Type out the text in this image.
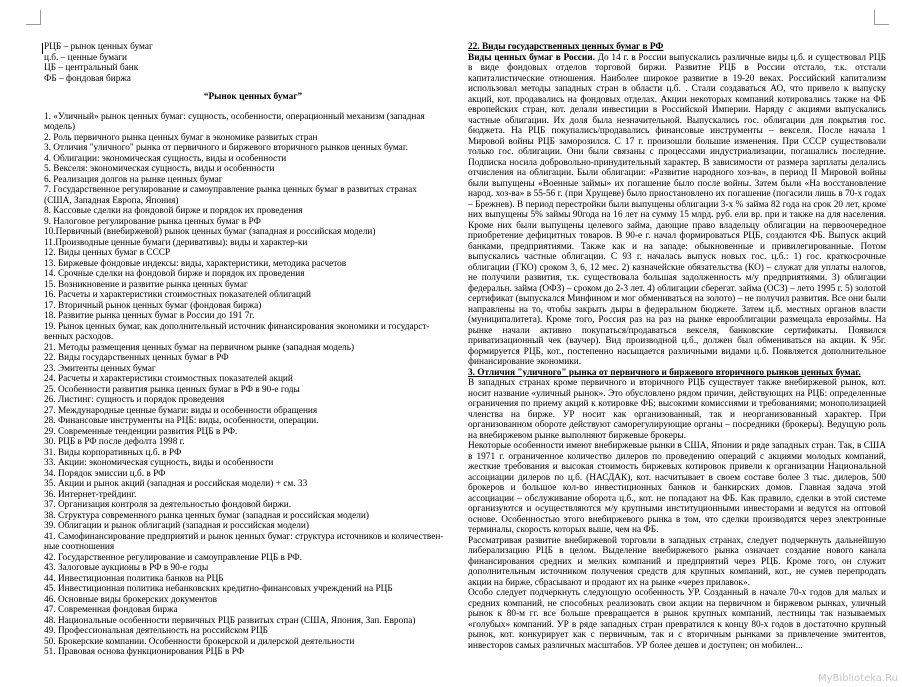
РЦБ – рынок ценных бумаг
ц.б. – ценные бумаги
ЦБ – центральный банк
ФБ – фондовая биржа
“Рынок ценных бумаг”
1. «Уличный» рынок ценных бумаг: сущность, особенности, операционный механизм (западная
модель)
2. Роль первичного рынка ценных бумаг в экономике развитых стран
3. Отличия "уличного" рынка от первичного и биржевого вторичного рынков ценных бумаг.
4. Облигации: экономическая сущность, виды и особенности
5. Векселя: экономическая сущность, виды и особенности
6. Реализация долгов на рынке ценных бумаг
7. Государственное регулирование и самоуправление рынка ценных бумаг в развитых странах
(США, Западная Европа, Япония)
8. Кассовые сделки на фондовой бирже и порядок их проведения
9. Налоговое регулирование рынка ценных бумаг в РФ
10.Первичный (внебиржевой) рынок ценных бумаг (западная и российская модели)
11.Производные ценные бумаги (деривативы): виды и характер-ки
12. Виды ценных бумаг в СССР
13. Биржевые фондовые индексы: виды, характеристики, методика расчетов
14. Срочные сделки на фондовой бирже и порядок их проведения
15. Возникновение и развитие рынка ценных бумаг
16. Расчеты и характеристики стоимостных показателей облигаций
17. Вторичный рынок ценных бумаг (фондовая биржа)
18. Развитие рынка ценных бумаг в России до 191 7г.
19. Рынок ценных бумаг, как дополнительный источник финансирования экономики и государст-
венных расходов.
21. Методы размещения ценных бумаг на первичном рынке (западная модель)
22. Виды государственных ценных бумаг в РФ
23. Эмитенты ценных бумаг
24. Расчеты и характеристики стоимостных показателей акций
25. Особенности развития рынка ценных бумаг в РФ в 90-е годы
26. Листинг: сущность и порядок проведения
27. Международные ценные бумаги: виды и особенности обращения
28. Финансовые инструменты на РЦБ: виды, особенности, операции.
29. Современные тенденции развития РЦБ в РФ.
30. РЦБ в РФ после дефолта 1998 г.
31. Виды корпоративных ц.б. в РФ
33. Акции: экономическая сущность, виды и особенности
34. Порядок эмиссии ц.б. в РФ
35. Акции и рынок акций (западная и российская модели) + см. 33
36. Интернет-трейдинг.
37. Организация контроля за деятельностью фондовой биржи.
38. Структура современного рынка ценных бумаг (западная и российская модели)
39. Облигации и рынок облигаций (западная и российская модели)
41. Самофинансирование предприятий и рынок ценных бумаг: структура источников и количествен-
ные соотношения
42. Государственное регулирование и самоуправление РЦБ в РФ.
43. Залоговые аукционы в РФ в 90-е годы
44. Инвестиционная политика банков на РЦБ
45. Инвестиционная политика небанковских кредитно-финансовых учреждений на РЦБ
46. Основные виды брокерских документов
47. Современная фондовая биржа
48. Национальные особенности первичных РЦБ развитых стран (США, Япония, Зап. Европа)
49. Профессиональная деятельность на российском РЦБ
50. Брокерские компании. Особенности брокерской и дилерской деятельности
51. Правовая основа функционирования РЦБ в РФ
22. Виды государственных ценных бумаг в РФ

Виды ценных бумаг в России. До 14 г. в России выпускались различные виды ц.б. и существовал РЦБ в виде фондовых отделов торговой биржи. Развитие РЦБ в России отстало, т.к. отстали капиталистические отношения. Наиболее широкое развитие в 19-20 веках. Российский капитализм использовал методы западных стран в области ц.б. . Стали создаваться АО, что привело к выпуску акций, кот. продавались на фондовых отделах. Акции некоторых компаний котировались также на ФБ европейских стран, кот. делали инвестиции в Российской Империи. Наряду с акциями выпускались частные облигации. Их доля была незначительной. Выпускались гос. облигации для покрытия гос. бюджета. На РЦБ покупались/продавались финансовые инструменты – векселя. После начала 1 Мировой войны РЦБ заморозился. С 17 г. произошли большие изменения. При СССР существовали только гос. облигации. Они были связаны с процессами индустриализации, погашались последние. Подписка носила добровольно-принудительный характер. В зависимости от размера зарплаты делались отчисления на облигации. Были облигации: «Развитие народного хоз-ва», в период II Мировой войны были выпущены «Военные займы» их погашение было после войны. Затем были «На восстановление народ. хоз-ва» в 55-56 г. (при Хрущеве) было приостановлено их погашение (погасили лишь в 70-х годах – Брежнев). В период перестройки были выпущены облигации 3-х % займа 82 года на срок 20 лет, кроме них выпущены 5% займы 90года на 16 лет на сумму 15 млрд. руб. ели вр. при и также на для населения. Кроме них были выпущены целевого займа, дающие право владельцу облигации на первоочередное приобретение дефицитных товаров. В 90-е г. начал формироваться РЦБ, создаются ФБ. Выпуск акций банками, предприятиями. Также как и на западе: обыкновенные и привилегированные. Потом выпускались частные облигации. С 93 г. началась выпуск новых гос. ц.б.: 1) гос. краткосрочные облигации (ГКО) сроком 3, 6, 12 мес. 2) казначейские обязательства (КО) – служат для уплаты налогов, не получили развития, т.к. существовала большая задолженность м/у предприятиями. 3) облигации федеральн. займа (ОФЗ) – сроком до 2-3 лет. 4) облигации сберегат. займа (ОСЗ) – лето 1995 г. 5) золотой сертификат (выпускался Минфином и мог обмениваться на золото) – не получил развития. Все они были направлены на то, чтобы закрыть дыры в федеральном бюджете. Затем ц.б. местных органов власти (муниципалитета). Кроме того, Россия раз на раз на рынке еврооблигации размещала еврозаймы. На рынке начали активно покупаться/продаваться векселя, банковские сертификаты. Появился приватизационный чек (ваучер). Вид производной ц.б., должен был обмениваться на акции. К 95г. формируется РЦБ, кот., постепенно насыщается различными видами ц.б. Появляется дополнительное финансирование экономики.

3. Отличия "уличного" рынка от первичного и биржевого вторичного рынков ценных бумаг.

В западных странах кроме первичного и вторичного РЦБ существует также внебиржевой рынок, кот. носит название «уличный рынок». Это обусловлено рядом причин, действующих на РЦБ: определенные ограничения по приему акций к котировке ФБ; высокими комиссиями и требованиями; монополизацией членства на бирже. УР носит как организованный, так и неорганизованный характер. При организованном обороте действуют саморегулирующие органы – посредники (брокеры). Ведущую роль на внебиржевом рынке выполняют биржевые брокеры.

Некоторые особенности имеют внебиржевые рынки в США, Японии и ряде западных стран. Так, в США в 1971 г. ограниченное количество дилеров по проведению операций с акциями молодых компаний, жесткие требования и высокая стоимость биржевых котировок привели к организации Национальной ассоциации дилеров по ц.б. (НАСДАК), кот. насчитывает в своем составе более 3 тыс. дилеров, 500 брокеров и большое кол-во инвестиционных банков и банкирских домов. Главная задача этой ассоциации – обслуживание оборота ц.б., кот. не попадают на ФБ. Как правило, сделки в этой системе организуются и осуществляются м/у крупными институционными инвесторами и ведутся на оптовой основе. Особенностью этого внебиржевого рынка в том, что сделки производятся через электронные терминалы, скорость которых выше, чем на ФБ.

Рассматривая развитие внебиржевой торговли в западных странах, следует подчеркнуть дальнейшую либерализацию РЦБ в целом. Выделение внебиржевого рынка означает создание нового канала финансирования средних и мелких компаний и предприятий через РЦБ. Кроме того, он служит дополнительным источником получения средств для крупных компаний, кот., не сумев перепродать акции на бирже, сбрасывают и продают их на рынке «через прилавок».

Особо следует подчеркнуть следующую особенность УР. Созданный в начале 70-х годов для малых и средних компаний, не способных реализовать свои акции на первичном и биржевом рынках, уличный рынок к 80-м гг. все больше превращается в рынок крупных компаний, лестницы так называемых «голубых» компаний. УР в ряде западных стран превратился к концу 80-х годов в достаточно крупный рынок, кот. конкурирует как с первичным, так и с вторичным рынками за привлечение эмитентов, инвесторов самых различных масштабов. УР более дешев и доступен; он мобилен...

MyBiblioteka.Ru
